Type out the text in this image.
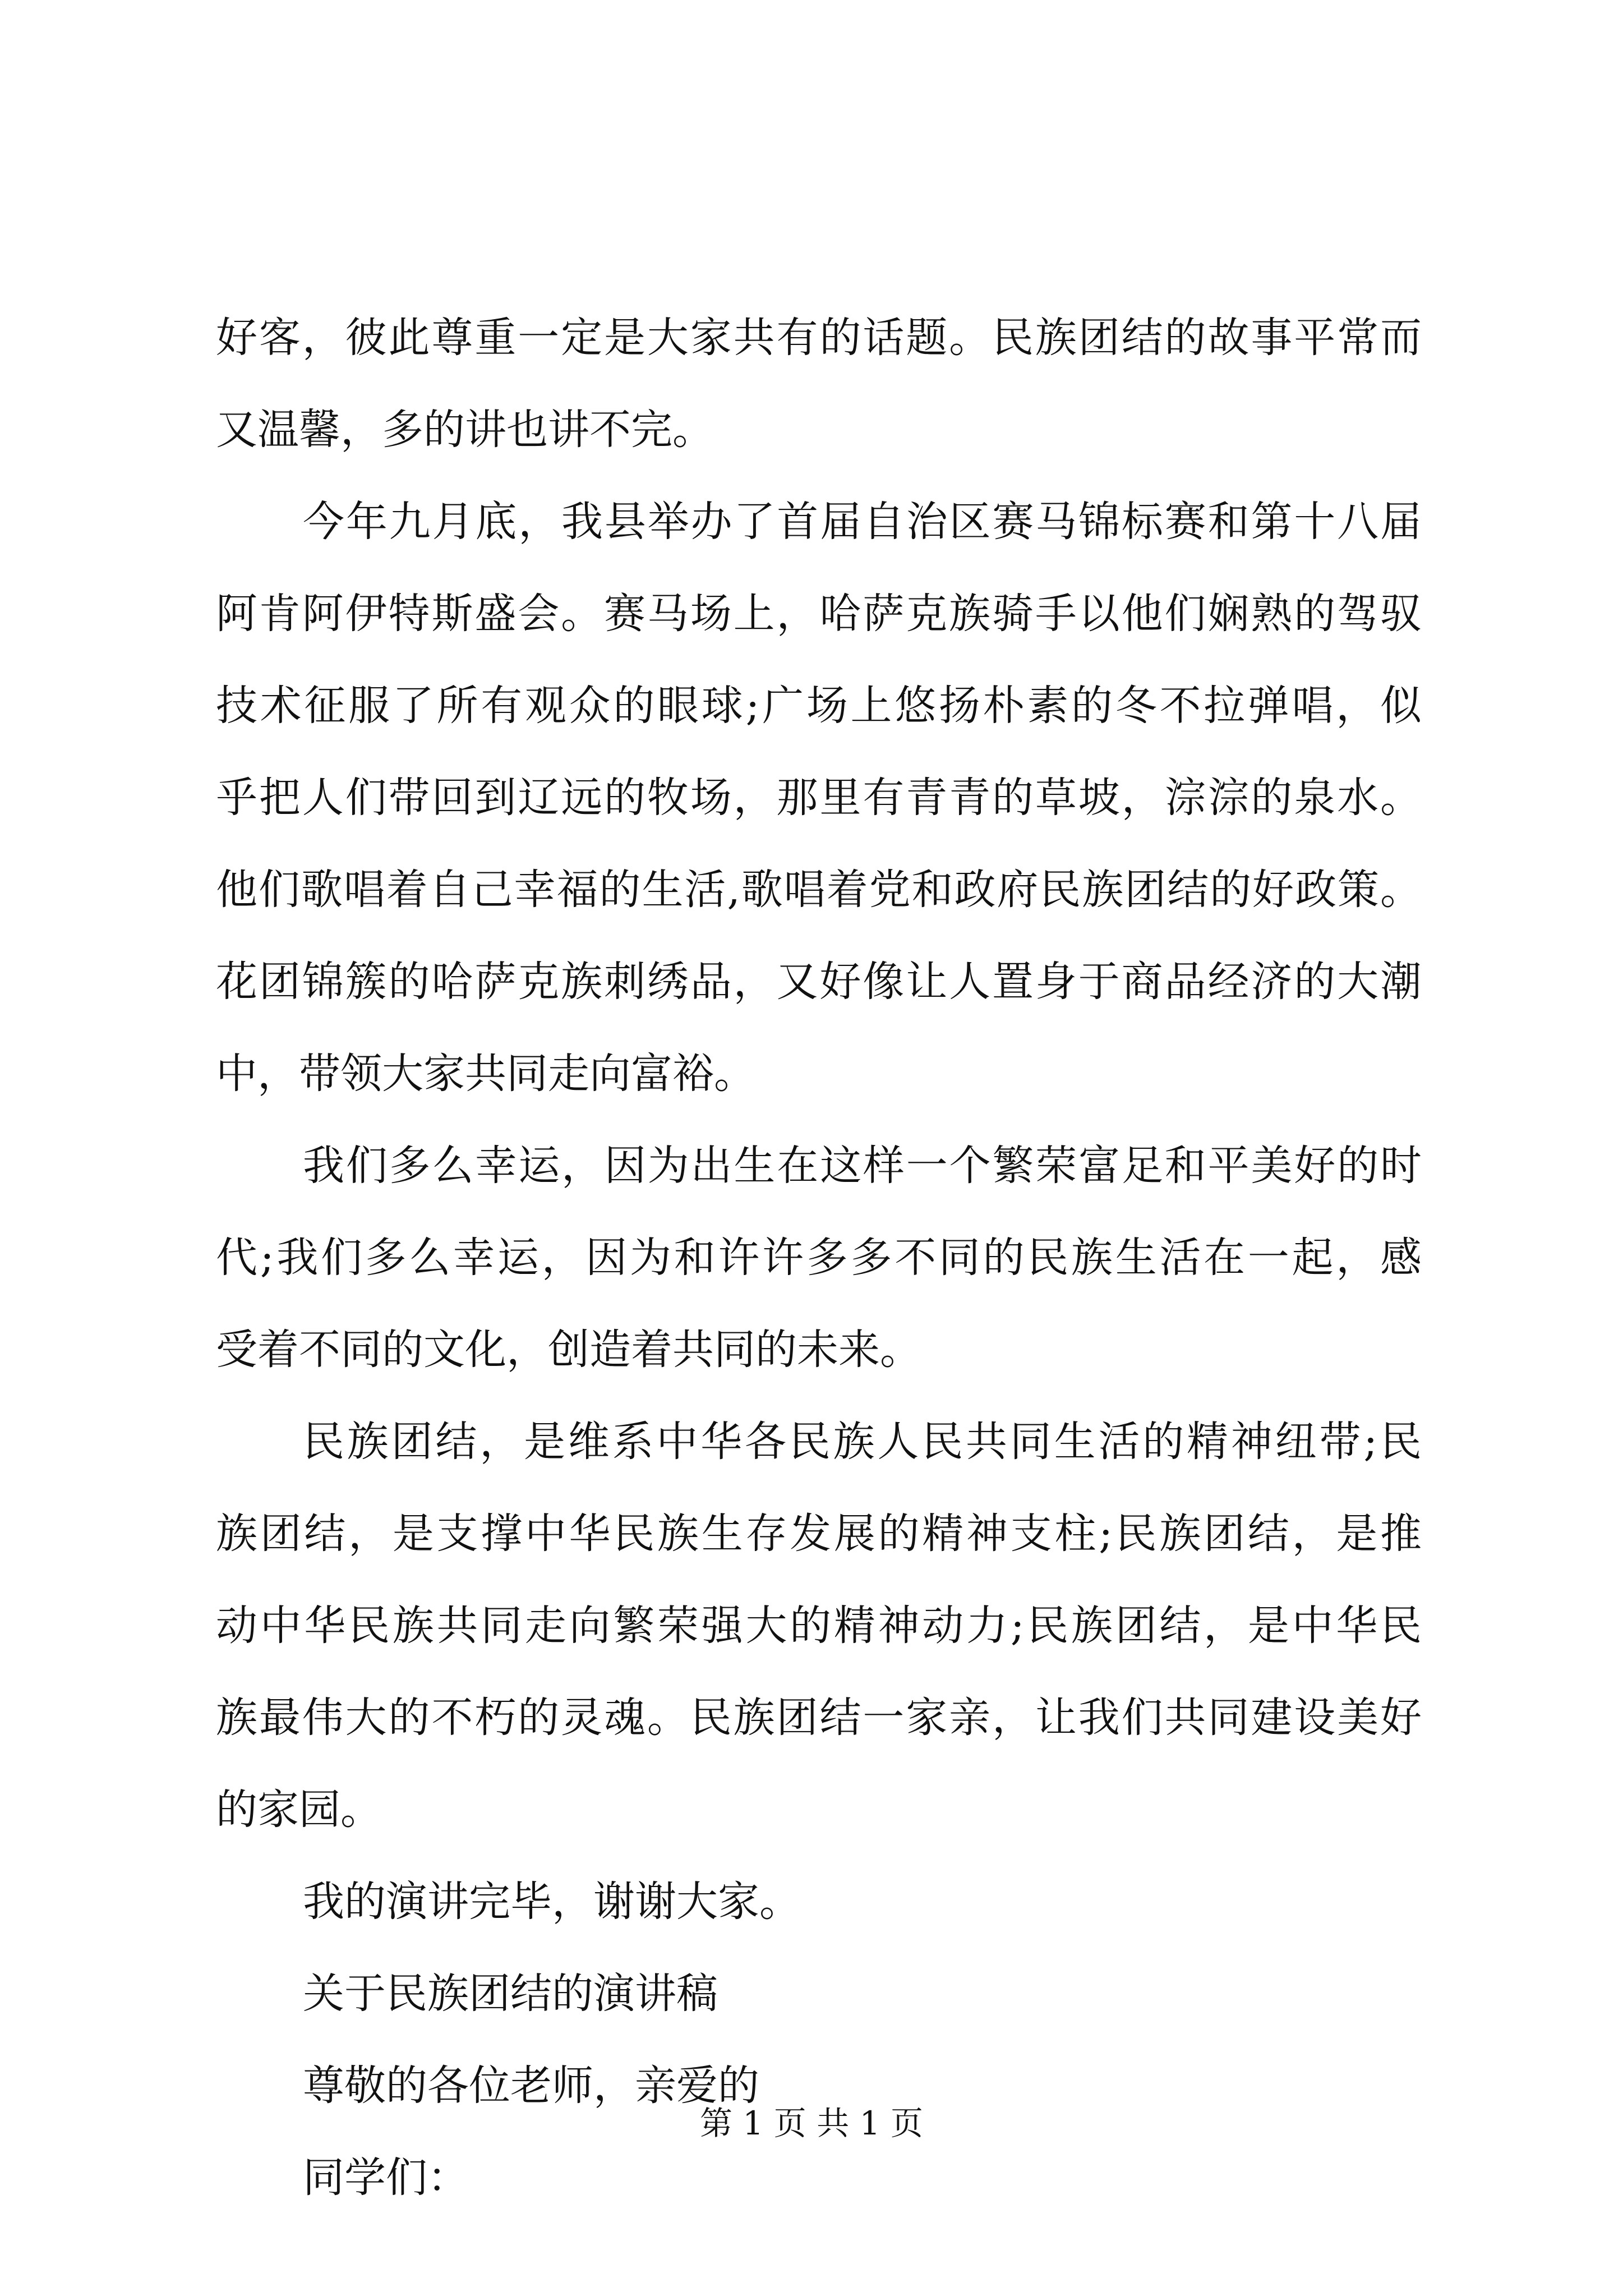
好客，彼此尊重一定是大家共有的话题。民族团结的故事平常而
又温馨，多的讲也讲不完。
今年九月底，我县举办了首届自治区赛马锦标赛和第十八届
阿肯阿伊特斯盛会。赛马场上，哈萨克族骑手以他们娴熟的驾驭
技术征服了所有观众的眼球;广场上悠扬朴素的冬不拉弹唱，似
乎把人们带回到辽远的牧场，那里有青青的草坡，淙淙的泉水。
他们歌唱着自己幸福的生活,歌唱着党和政府民族团结的好政策。
花团锦簇的哈萨克族刺绣品，又好像让人置身于商品经济的大潮
中，带领大家共同走向富裕。
我们多么幸运，因为出生在这样一个繁荣富足和平美好的时
代;我们多么幸运，因为和许许多多不同的民族生活在一起，感
受着不同的文化，创造着共同的未来。
民族团结，是维系中华各民族人民共同生活的精神纽带;民
族团结，是支撑中华民族生存发展的精神支柱;民族团结，是推
动中华民族共同走向繁荣强大的精神动力;民族团结，是中华民
族最伟大的不朽的灵魂。民族团结一家亲，让我们共同建设美好
的家园。
我的演讲完毕，谢谢大家。
关于民族团结的演讲稿
尊敬的各位老师，亲爱的
同学们：
第 1 页 共 1 页
